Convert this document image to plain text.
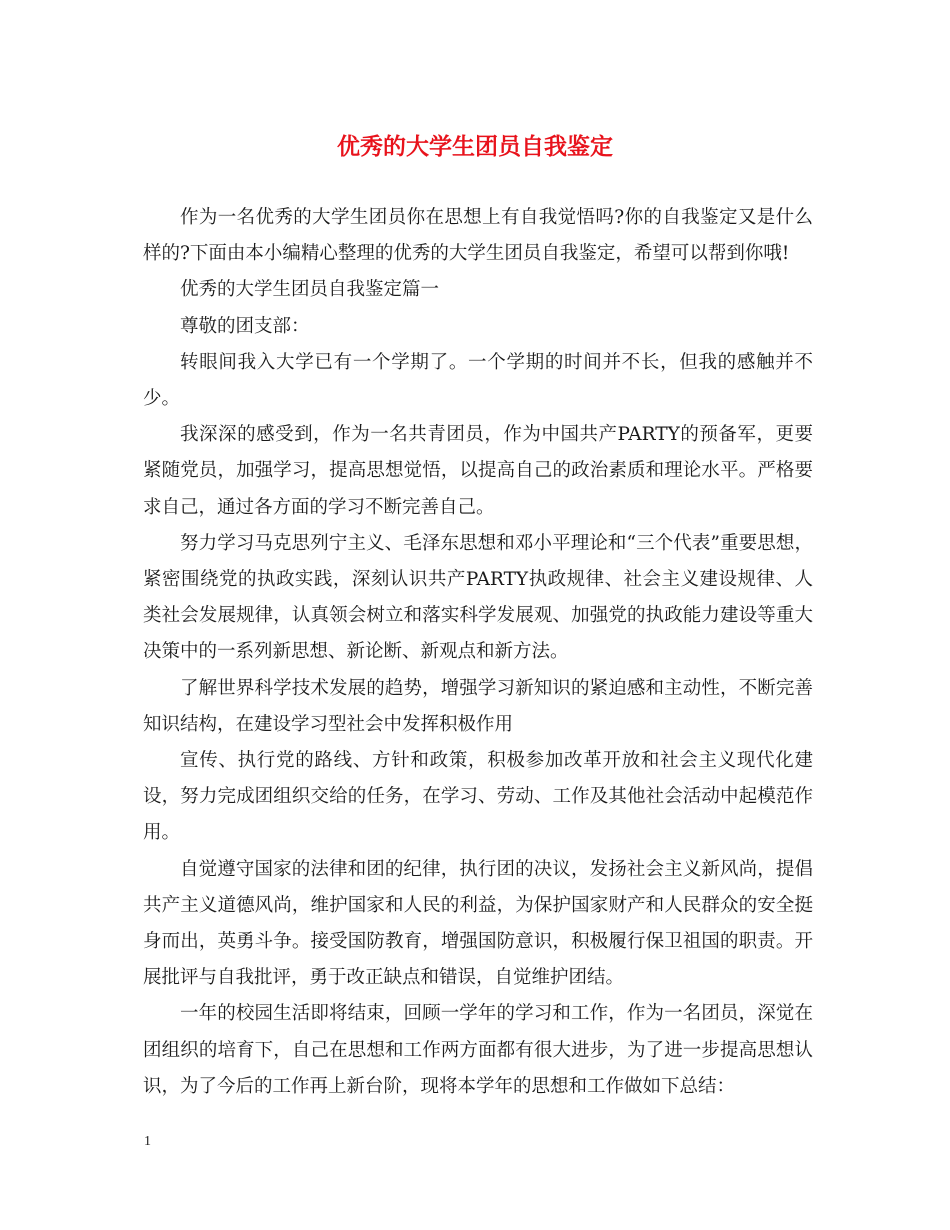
优秀的大学生团员自我鉴定

作为一名优秀的大学生团员你在思想上有自我觉悟吗?你的自我鉴定又是什么样的?下面由本小编精心整理的优秀的大学生团员自我鉴定，希望可以帮到你哦!

优秀的大学生团员自我鉴定篇一

尊敬的团支部：

转眼间我入大学已有一个学期了。一个学期的时间并不长，但我的感触并不少。

我深深的感受到，作为一名共青团员，作为中国共产PARTY的预备军，更要紧随党员，加强学习，提高思想觉悟，以提高自己的政治素质和理论水平。严格要求自己，通过各方面的学习不断完善自己。

努力学习马克思列宁主义、毛泽东思想和邓小平理论和“三个代表”重要思想，紧密围绕党的执政实践，深刻认识共产PARTY执政规律、社会主义建设规律、人类社会发展规律，认真领会树立和落实科学发展观、加强党的执政能力建设等重大决策中的一系列新思想、新论断、新观点和新方法。

了解世界科学技术发展的趋势，增强学习新知识的紧迫感和主动性，不断完善知识结构，在建设学习型社会中发挥积极作用

宣传、执行党的路线、方针和政策，积极参加改革开放和社会主义现代化建设，努力完成团组织交给的任务，在学习、劳动、工作及其他社会活动中起模范作用。

自觉遵守国家的法律和团的纪律，执行团的决议，发扬社会主义新风尚，提倡共产主义道德风尚，维护国家和人民的利益，为保护国家财产和人民群众的安全挺身而出，英勇斗争。接受国防教育，增强国防意识，积极履行保卫祖国的职责。开展批评与自我批评，勇于改正缺点和错误，自觉维护团结。

一年的校园生活即将结束，回顾一学年的学习和工作，作为一名团员，深觉在团组织的培育下，自己在思想和工作两方面都有很大进步，为了进一步提高思想认识，为了今后的工作再上新台阶，现将本学年的思想和工作做如下总结：

1
